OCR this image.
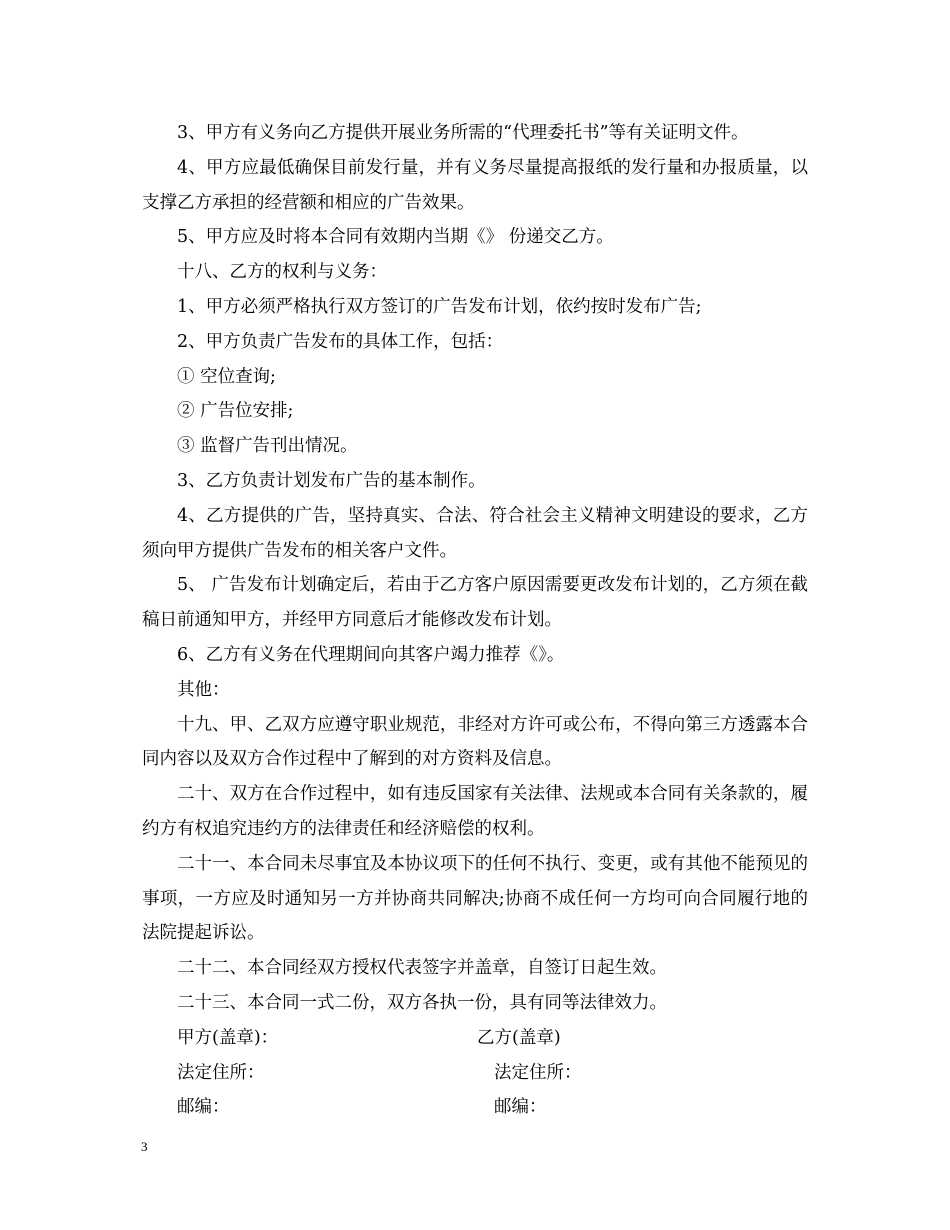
3、甲方有义务向乙方提供开展业务所需的“代理委托书”等有关证明文件。

4、甲方应最低确保目前发行量，并有义务尽量提高报纸的发行量和办报质量，以支撑乙方承担的经营额和相应的广告效果。

5、甲方应及时将本合同有效期内当期《》 份递交乙方。

十八、乙方的权利与义务：

1、甲方必须严格执行双方签订的广告发布计划，依约按时发布广告;

2、甲方负责广告发布的具体工作，包括：

① 空位查询;

② 广告位安排;

③ 监督广告刊出情况。

3、乙方负责计划发布广告的基本制作。

4、乙方提供的广告，坚持真实、合法、符合社会主义精神文明建设的要求，乙方须向甲方提供广告发布的相关客户文件。

5、 广告发布计划确定后，若由于乙方客户原因需要更改发布计划的，乙方须在截稿日前通知甲方，并经甲方同意后才能修改发布计划。

6、乙方有义务在代理期间向其客户竭力推荐《》。

其他：

十九、甲、乙双方应遵守职业规范，非经对方许可或公布，不得向第三方透露本合同内容以及双方合作过程中了解到的对方资料及信息。

二十、双方在合作过程中，如有违反国家有关法律、法规或本合同有关条款的，履约方有权追究违约方的法律责任和经济赔偿的权利。

二十一、本合同未尽事宜及本协议项下的任何不执行、变更，或有其他不能预见的事项，一方应及时通知另一方并协商共同解决;协商不成任何一方均可向合同履行地的法院提起诉讼。

二十二、本合同经双方授权代表签字并盖章，自签订日起生效。

二十三、本合同一式二份，双方各执一份，具有同等法律效力。

甲方(盖章)：	乙方(盖章)
法定住所：	法定住所：
邮编：	邮编：
3
